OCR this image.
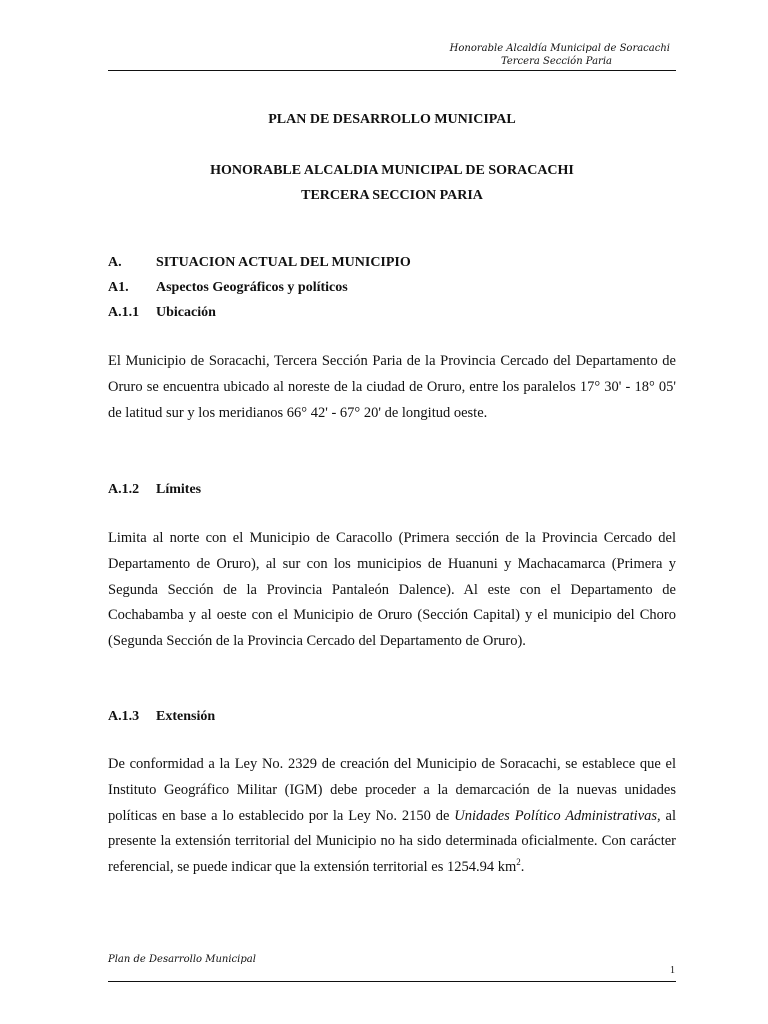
Honorable Alcaldía Municipal de Soracachi
Tercera Sección Paria
PLAN DE DESARROLLO MUNICIPAL
HONORABLE ALCALDIA MUNICIPAL DE SORACACHI
TERCERA SECCION PARIA
A. SITUACION ACTUAL DEL MUNICIPIO
A1. Aspectos Geográficos y políticos
A.1.1 Ubicación

El Municipio de Soracachi, Tercera Sección Paria de la Provincia Cercado del Departamento de Oruro se encuentra ubicado al noreste de la ciudad de Oruro, entre los paralelos 17° 30' - 18° 05' de latitud sur y los meridianos 66° 42' - 67° 20' de longitud oeste.

A.1.2 Límites

Limita al norte con el Municipio de Caracollo (Primera sección de la Provincia Cercado del Departamento de Oruro), al sur con los municipios de Huanuni y Machacamarca (Primera y Segunda Sección de la Provincia Pantaleón Dalence). Al este con el Departamento de Cochabamba y al oeste con el Municipio de Oruro (Sección Capital) y el municipio del Choro (Segunda Sección de la Provincia Cercado del Departamento de Oruro).

A.1.3 Extensión

De conformidad a la Ley No. 2329 de creación del Municipio de Soracachi, se establece que el Instituto Geográfico Militar (IGM) debe proceder a la demarcación de la nuevas unidades políticas en base a lo establecido por la Ley No. 2150 de Unidades Político Administrativas, al presente la extensión territorial del Municipio no ha sido determinada oficialmente. Con carácter referencial, se puede indicar que la extensión territorial es 1254.94 $km^2$.

Plan de Desarrollo Municipal
1
